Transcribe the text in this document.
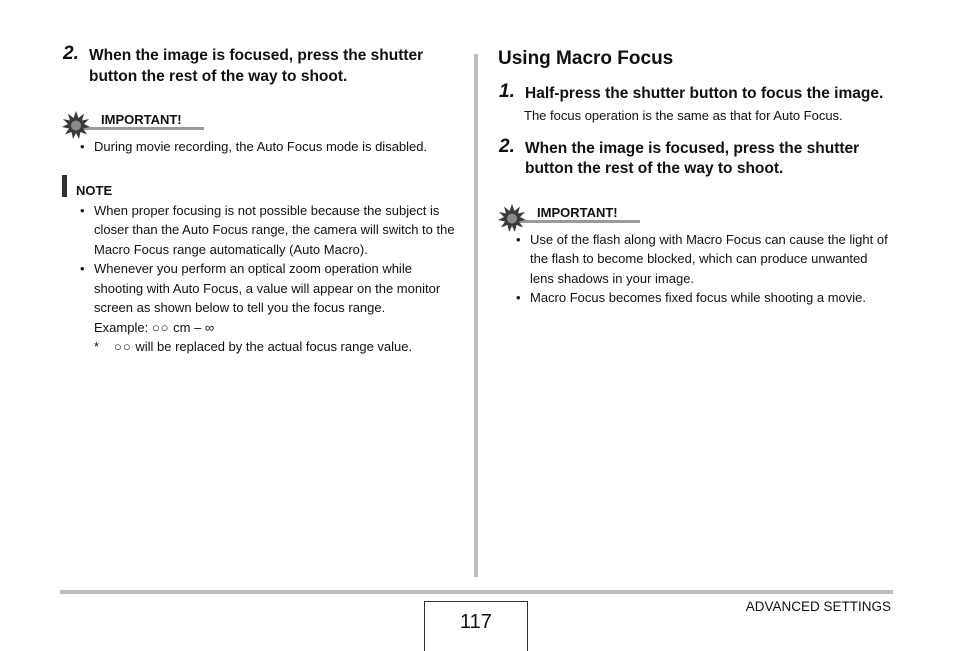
2. When the image is focused, press the shutter button the rest of the way to shoot.
IMPORTANT!
• During movie recording, the Auto Focus mode is disabled.
NOTE
• When proper focusing is not possible because the subject is closer than the Auto Focus range, the camera will switch to the Macro Focus range automatically (Auto Macro).
• Whenever you perform an optical zoom operation while shooting with Auto Focus, a value will appear on the monitor screen as shown below to tell you the focus range.
Example: ○○ cm – ∞
* ○○ will be replaced by the actual focus range value.
Using Macro Focus
1. Half-press the shutter button to focus the image.
The focus operation is the same as that for Auto Focus.
2. When the image is focused, press the shutter button the rest of the way to shoot.
IMPORTANT!
• Use of the flash along with Macro Focus can cause the light of the flash to become blocked, which can produce unwanted lens shadows in your image.
• Macro Focus becomes fixed focus while shooting a movie.
117
ADVANCED SETTINGS
